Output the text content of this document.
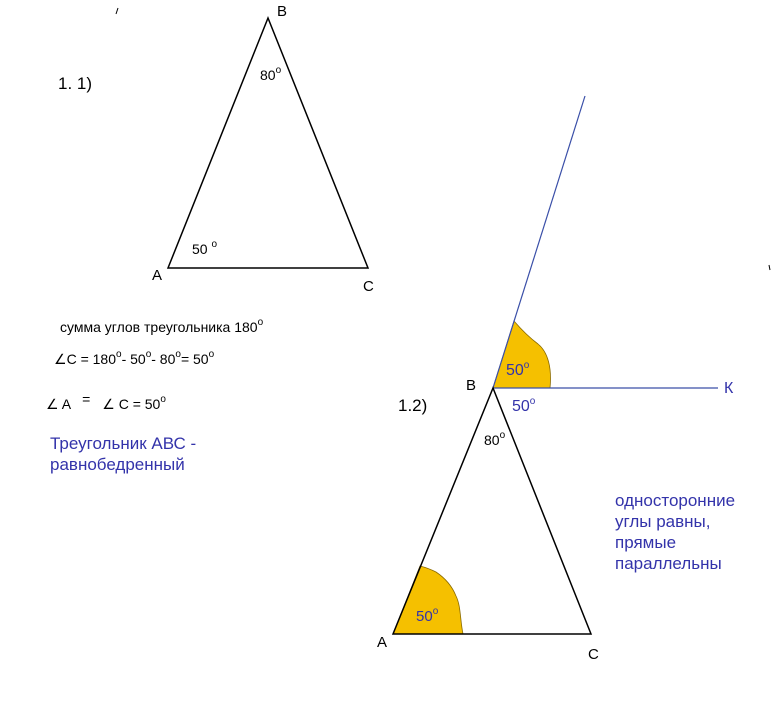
1. 1)
B
A
C
80$^o$
50 $^o$
сумма углов треугольника 180$^o$
∠C = $180^o-$ 50$^o$- $80^o= 50^o$
∠ A = ∠ $C = 50^o$
Треугольник АВС - равнобедренный
1.2)
B
A
C
К
80$^o$
50$^o$
50$^o$
50$^o$
односторонние углы равны, прямые параллельны
